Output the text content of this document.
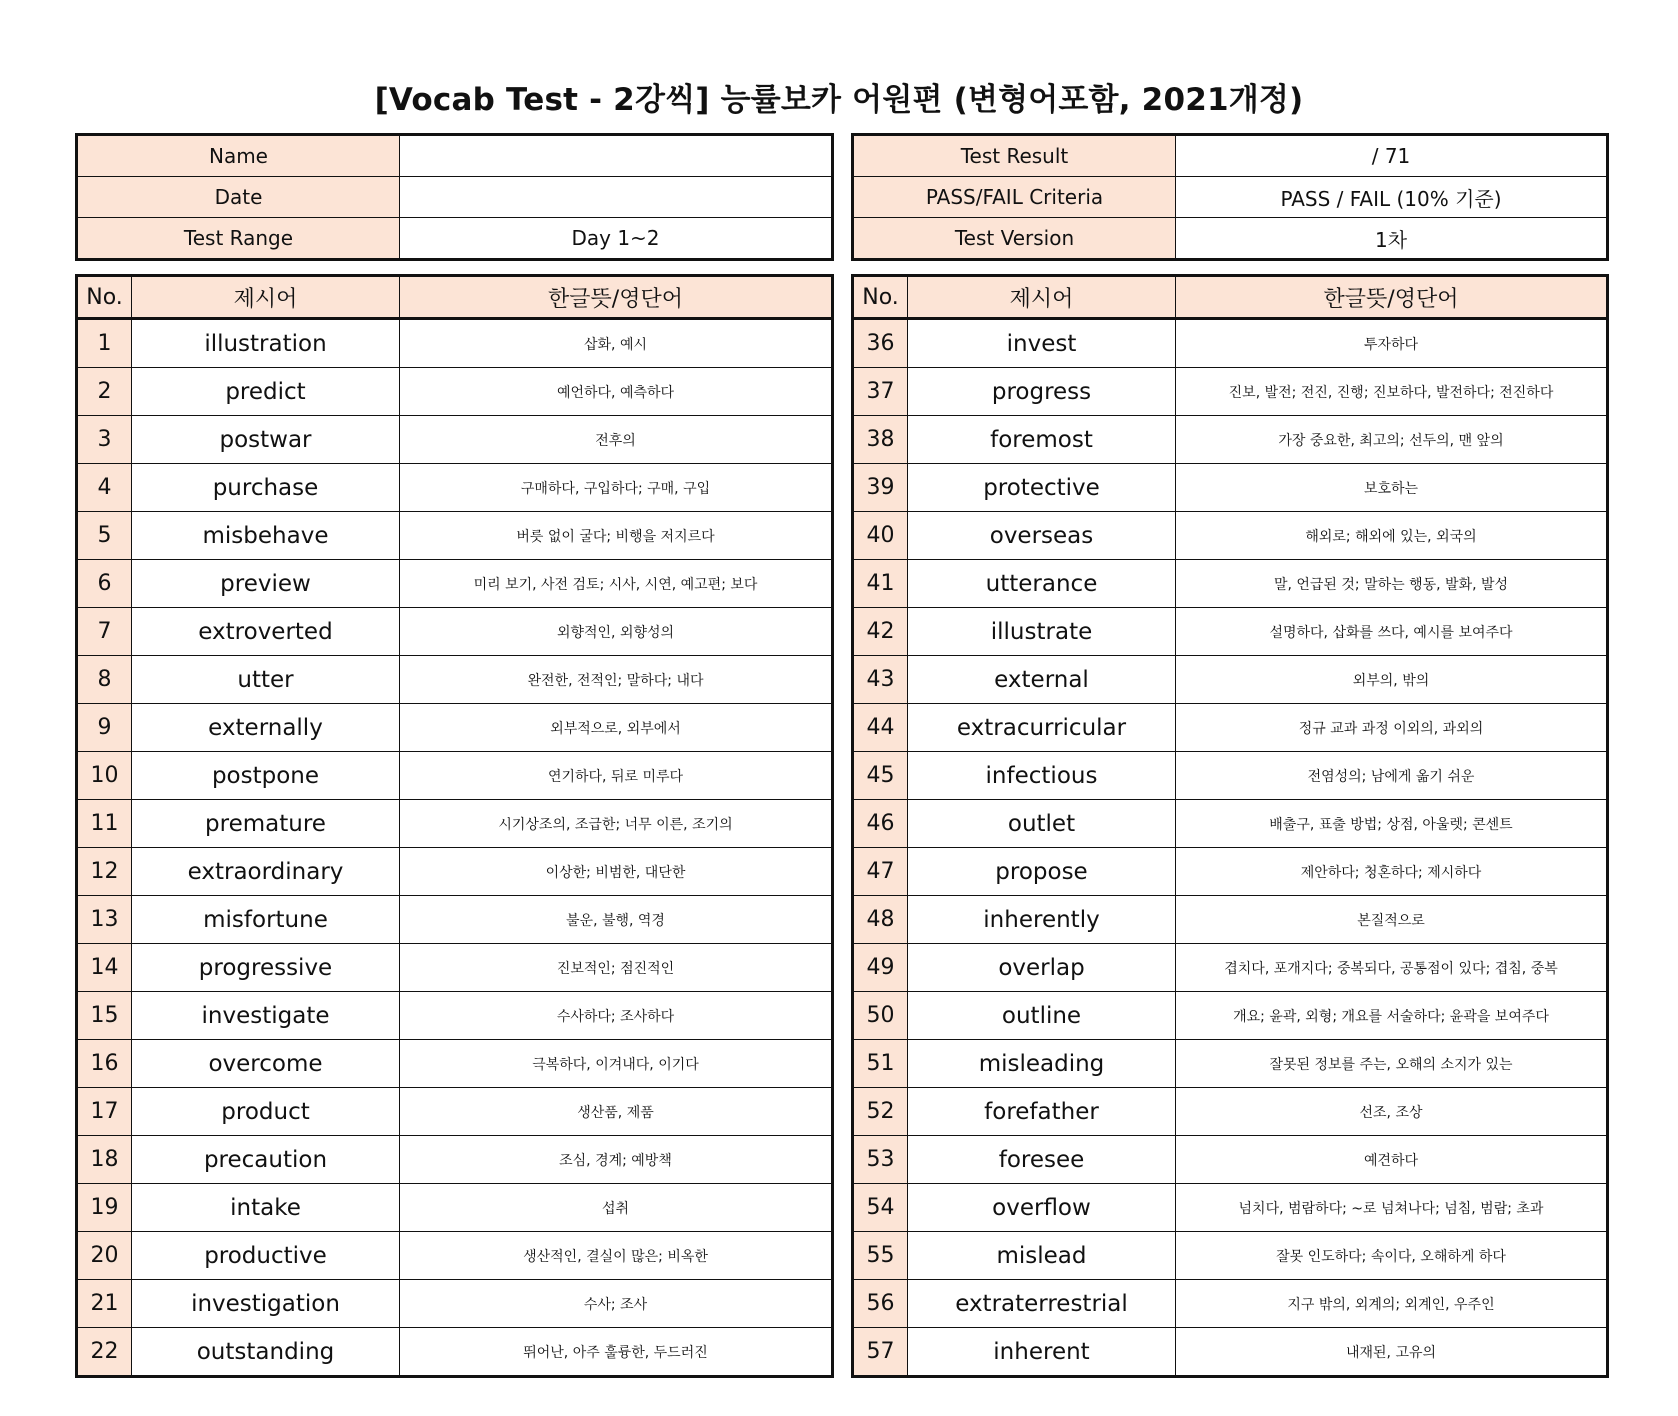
[Vocab Test - 2강씩] 능률보카 어원편 (변형어포함, 2021개정)
Name	
Date	
Test Range	Day 1~2
Test Result	/ 71
PASS/FAIL Criteria	PASS / FAIL (10% 기준)
Test Version	1차
No.	제시어	한글뜻/영단어
1	illustration	삽화, 예시
2	predict	예언하다, 예측하다
3	postwar	전후의
4	purchase	구매하다, 구입하다; 구매, 구입
5	misbehave	버릇 없이 굴다; 비행을 저지르다
6	preview	미리 보기, 사전 검토; 시사, 시연, 예고편; 보다
7	extroverted	외향적인, 외향성의
8	utter	완전한, 전적인; 말하다; 내다
9	externally	외부적으로, 외부에서
10	postpone	연기하다, 뒤로 미루다
11	premature	시기상조의, 조급한; 너무 이른, 조기의
12	extraordinary	이상한; 비범한, 대단한
13	misfortune	불운, 불행, 역경
14	progressive	진보적인; 점진적인
15	investigate	수사하다; 조사하다
16	overcome	극복하다, 이겨내다, 이기다
17	product	생산품, 제품
18	precaution	조심, 경계; 예방책
19	intake	섭취
20	productive	생산적인, 결실이 많은; 비옥한
21	investigation	수사; 조사
22	outstanding	뛰어난, 아주 훌륭한, 두드러진
No.	제시어	한글뜻/영단어
36	invest	투자하다
37	progress	진보, 발전; 전진, 진행; 진보하다, 발전하다; 전진하다
38	foremost	가장 중요한, 최고의; 선두의, 맨 앞의
39	protective	보호하는
40	overseas	해외로; 해외에 있는, 외국의
41	utterance	말, 언급된 것; 말하는 행동, 발화, 발성
42	illustrate	설명하다, 삽화를 쓰다, 예시를 보여주다
43	external	외부의, 밖의
44	extracurricular	정규 교과 과정 이외의, 과외의
45	infectious	전염성의; 남에게 옮기 쉬운
46	outlet	배출구, 표출 방법; 상점, 아울렛; 콘센트
47	propose	제안하다; 청혼하다; 제시하다
48	inherently	본질적으로
49	overlap	겹치다, 포개지다; 중복되다, 공통점이 있다; 겹침, 중복
50	outline	개요; 윤곽, 외형; 개요를 서술하다; 윤곽을 보여주다
51	misleading	잘못된 정보를 주는, 오해의 소지가 있는
52	forefather	선조, 조상
53	foresee	예견하다
54	overflow	넘치다, 범람하다; ~로 넘쳐나다; 넘침, 범람; 초과
55	mislead	잘못 인도하다; 속이다, 오해하게 하다
56	extraterrestrial	지구 밖의, 외계의; 외계인, 우주인
57	inherent	내재된, 고유의
